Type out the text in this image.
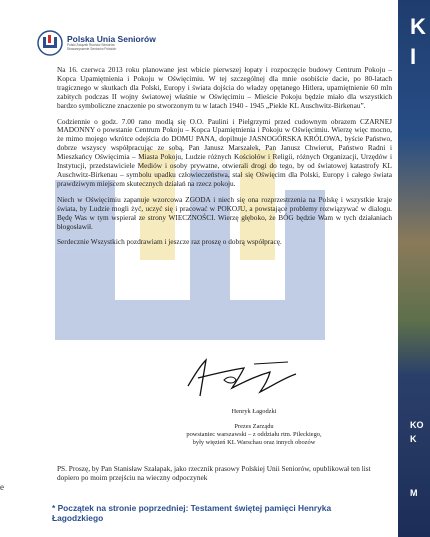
K
I
KO
K
M
Polska Unia Seniorów
Polski Związek Ruchów Seniorów
Stowarzyszenie Seniorów Polskich
e

Na 16. czerwca 2013 roku planowane jest wbicie pierwszej łopaty i rozpoczęcie budowy Centrum Pokoju – Kopca Upamiętnienia i Pokoju w Oświęcimiu. W tej szczególnej dla mnie osobiście dacie, po 80-latach tragicznego w skutkach dla Polski, Europy i świata dojścia do władzy opętanego Hitlera, upamiętnienie 60 mln zabitych podczas II wojny światowej właśnie w Oświęcimiu – Mieście Pokoju będzie miało dla wszystkich bardzo symboliczne znaczenie po stworzonym tu w latach 1940 - 1945 „Piekle KL Auschwitz-Birkenau”.

Codziennie o godz. 7.00 rano modlą się O.O. Paulini i Pielgrzymi przed cudownym obrazem CZARNEJ MADONNY o powstanie Centrum Pokoju – Kopca Upamiętnienia i Pokoju w Oświęcimiu. Wierzę więc mocno, że mimo mojego wkrótce odejścia do DOMU PANA, dopilnuje JASNOGÓRSKA KRÓLOWA, byście Państwo, dobrze wszyscy współpracując ze sobą, Pan Janusz Marszałek, Pan Janusz Chwierut, Państwo Radni i Mieszkańcy Oświęcimia – Miasta Pokoju, Ludzie różnych Kościołów i Religii, różnych Organizacji, Urzędów i Instytucji, przedstawiciele Mediów i osoby prywatne, otwierali drogi do tego, by od światowej katastrofy KL Auschwitz-Birkenau – symbolu upadku człowieczeństwa, stał się Oświęcim dla Polski, Europy i całego świata prawdziwym miejscem skutecznych działań na rzecz pokoju.

Niech w Oświęcimiu zapanuje wzorcowa ZGODA i niech się ona rozprzestrzenia na Polskę i wszystkie kraje świata, by Ludzie mogli żyć, uczyć się i pracować w POKOJU, a powstające problemy rozwiązywać w dialogu. Będę Was w tym wspierał ze strony WIECZNOŚCI. Wierzę głęboko, że BÓG będzie Wam w tych działaniach błogosławił.

Serdecznie Wszystkich pozdrawiam i jeszcze raz proszę o dobrą współpracę.

Henryk Łagodzki
Prezes Zarządu
powstaniec warszawski – z oddziału rtm. Pileckiego,
były więzień KL Warschau oraz innych obozów
PS. Proszę, by Pan Stanisław Szałapak, jako rzecznik prasowy Polskiej Unii Seniorów, opublikował ten list dopiero po moim przejściu na wieczny odpoczynek
* Początek na stronie poprzedniej: Testament świętej pamięci Henryka Łagodzkiego
